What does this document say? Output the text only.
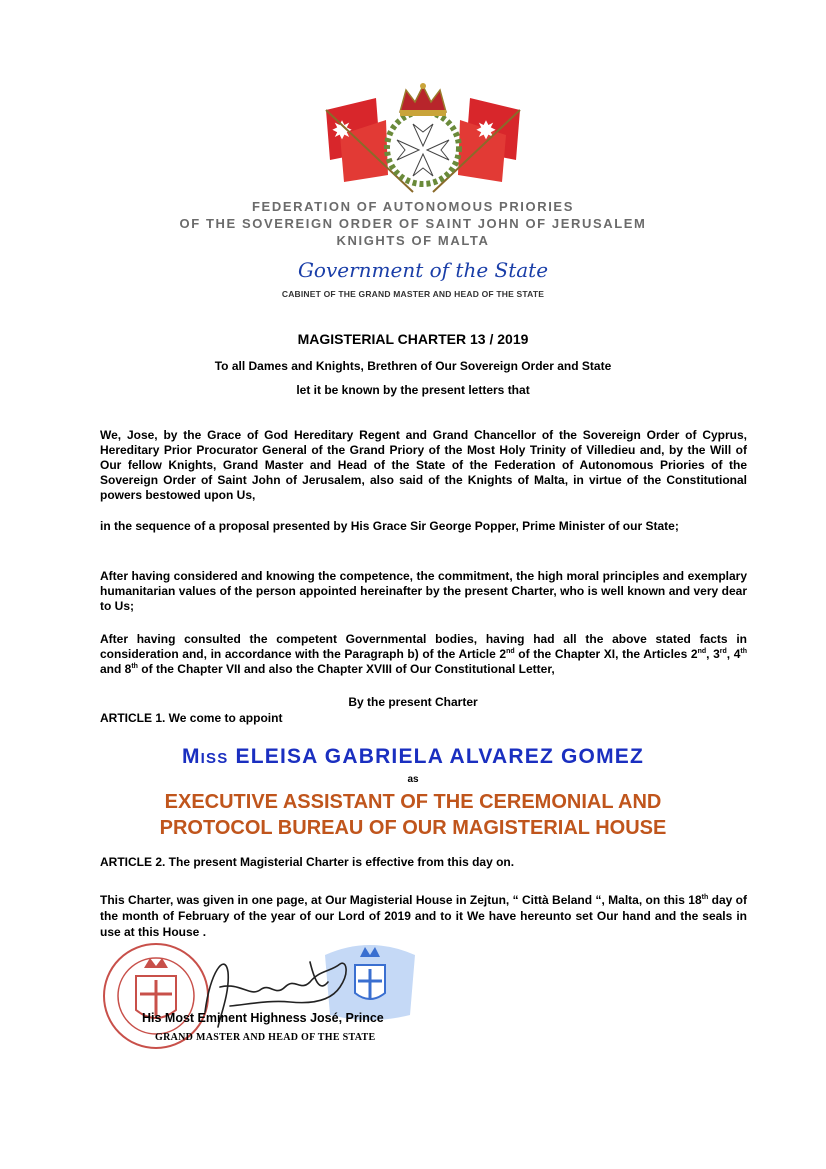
FEDERATION OF AUTONOMOUS PRIORIES
OF THE SOVEREIGN ORDER OF SAINT JOHN OF JERUSALEM
KNIGHTS OF MALTA
Government of the State
CABINET OF THE GRAND MASTER AND HEAD OF THE STATE
MAGISTERIAL CHARTER 13 / 2019
To all Dames and Knights, Brethren of Our Sovereign Order and State
let it be known by the present letters that
We, Jose, by the Grace of God Hereditary Regent and Grand Chancellor of the Sovereign Order of Cyprus, Hereditary Prior Procurator General of the Grand Priory of the Most Holy Trinity of Villedieu and, by the Will of Our fellow Knights, Grand Master and Head of the State of the Federation of Autonomous Priories of the Sovereign Order of Saint John of Jerusalem, also said of the Knights of Malta, in virtue of the Constitutional powers bestowed upon Us,
in the sequence of a proposal presented by His Grace Sir George Popper, Prime Minister of our State;
After having considered and knowing the competence, the commitment, the high moral principles and exemplary humanitarian values of the person appointed hereinafter by the present Charter, who is well known and very dear to Us;
After having consulted the competent Governmental bodies, having had all the above stated facts in consideration and, in accordance with the Paragraph b) of the Article 2nd of the Chapter XI, the Articles 2nd, 3rd, 4th and 8th of the Chapter VII and also the Chapter XVIII of Our Constitutional Letter,
By the present Charter
ARTICLE 1. We come to appoint
Miss ELEISA GABRIELA ALVAREZ GOMEZ
as
EXECUTIVE ASSISTANT OF THE CEREMONIAL AND
PROTOCOL BUREAU OF OUR MAGISTERIAL HOUSE
ARTICLE 2. The present Magisterial Charter is effective from this day on.
This Charter, was given in one page, at Our Magisterial House in Zejtun, “ Città Beland “, Malta, on this 18th day of the month of February of the year of our Lord of 2019 and to it We have hereunto set Our hand and the seals in use at this House .
His Most Eminent Highness José, Prince
GRAND MASTER AND HEAD OF THE STATE
